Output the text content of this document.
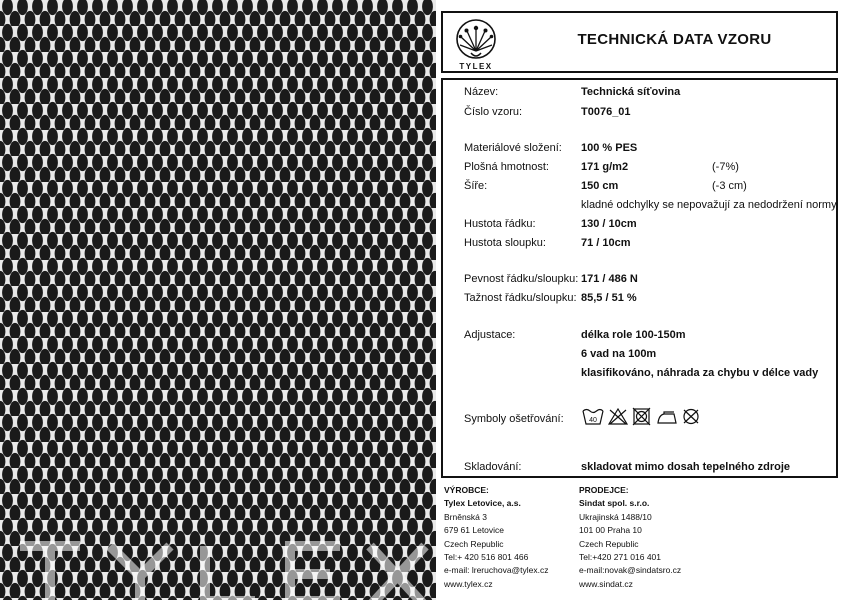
TYLEX
TECHNICKÁ DATA VZORU
Název:	Technická síťovina
Číslo vzoru:	T0076_01
Materiálové složení: 100 % PES
Plošná hmotnost:	171 g/m2	(-7%)
Šíře:	150 cm	(-3 cm)
kladné odchylky se nepovažují za nedodržení normy
Hustota řádku:	130 / 10cm
Hustota sloupku:	71 / 10cm
Pevnost řádku/sloupku: 171 / 486 N
Tažnost řádku/sloupku: 85,5 / 51 %
Adjustace:	délka role 100-150m
6 vad na 100m
klasifikováno, náhrada za chybu v délce vady
Symboly ošetřování:	40
Skladování:	skladovat mimo dosah tepelného zdroje
VÝROBCE:
Tylex Letovice, a.s.
Brněnská 3
679 61 Letovice
Czech Republic
Tel:+ 420 516 801 466
e-mail: lreruchova@tylex.cz
www.tylex.cz
PRODEJCE:
Sindat spol. s.r.o.
Ukrajinská 1488/10
101 00 Praha 10
Czech Republic
Tel:+420 271 016 401
e-mail:novak@sindatsro.cz
www.sindat.cz
